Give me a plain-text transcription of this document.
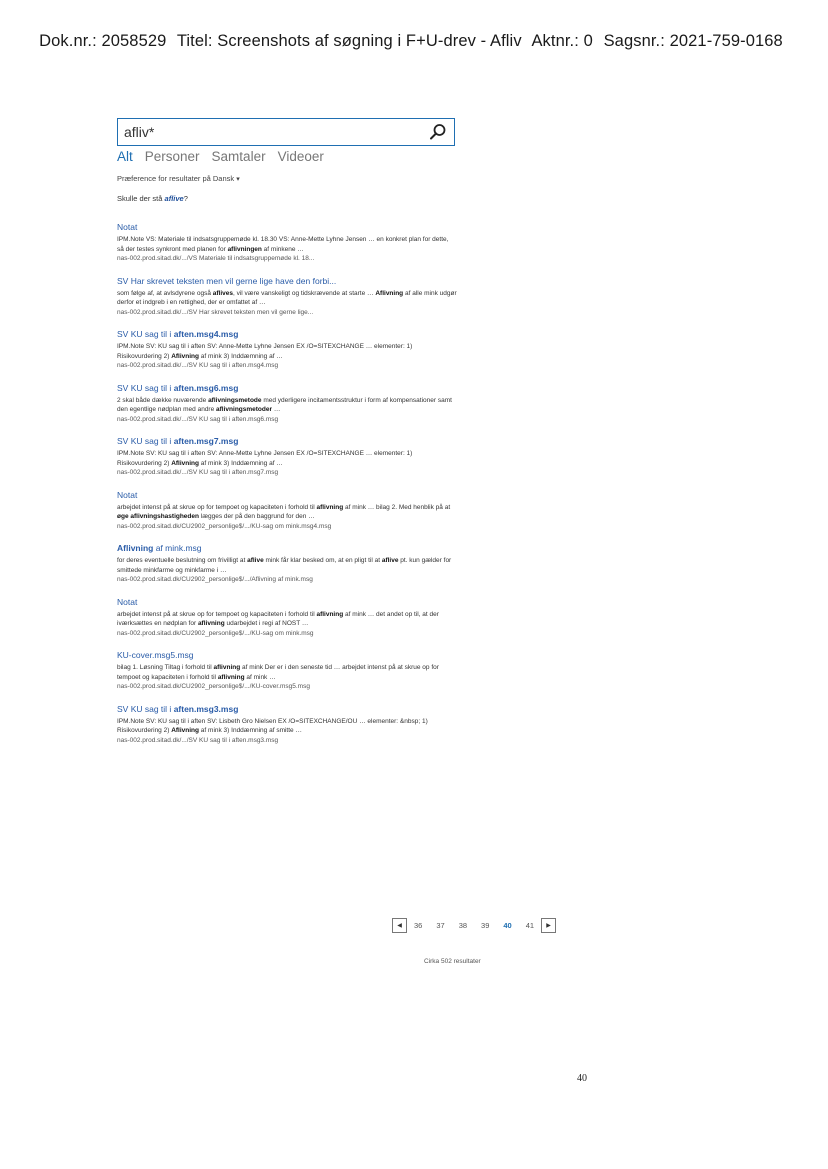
Dok.nr.: 2058529 Titel: Screenshots af søgning i F+U-drev - Afliv Aktnr.: 0 Sagsnr.: 2021-759-0168
afliv*
Alt Personer Samtaler Videoer
Præference for resultater på Dansk ▾
Skulle der stå aflive?
Notat
IPM.Note VS: Materiale til indsatsgruppemøde kl. 18.30 VS: Anne-Mette Lyhne Jensen … en konkret plan for dette, så der testes synkront med planen for aflivningen af minkene …
nas-002.prod.sitad.dk/.../VS Materiale til indsatsgruppemøde kl. 18...
SV Har skrevet teksten men vil gerne lige have den forbi...
som følge af, at avlsdyrene også aflives, vil være vanskeligt og tidskrævende at starte … Aflivning af alle mink udgør derfor et indgreb i en rettighed, der er omfattet af …
nas-002.prod.sitad.dk/.../SV Har skrevet teksten men vil gerne lige...
SV KU sag til i aften.msg4.msg
IPM.Note SV: KU sag til i aften SV: Anne-Mette Lyhne Jensen EX /O=SITEXCHANGE … elementer: 1) Risikovurdering 2) Aflivning af mink 3) Inddæmning af …
nas-002.prod.sitad.dk/.../SV KU sag til i aften.msg4.msg
SV KU sag til i aften.msg6.msg
2 skal både dække nuværende aflivningsmetode med yderligere incitamentsstruktur i form af kompensationer samt den egentlige nødplan med andre aflivningsmetoder …
nas-002.prod.sitad.dk/.../SV KU sag til i aften.msg6.msg
SV KU sag til i aften.msg7.msg
IPM.Note SV: KU sag til i aften SV: Anne-Mette Lyhne Jensen EX /O=SITEXCHANGE … elementer: 1) Risikovurdering 2) Aflivning af mink 3) Inddæmning af …
nas-002.prod.sitad.dk/.../SV KU sag til i aften.msg7.msg
Notat
arbejdet intenst på at skrue op for tempoet og kapaciteten i forhold til aflivning af mink … bilag 2. Med henblik på at øge aflivningshastigheden lægges der på den baggrund for den …
nas-002.prod.sitad.dk/CU2902_personlige$/.../KU-sag om mink.msg4.msg
Aflivning af mink.msg
for deres eventuelle beslutning om frivilligt at aflive mink får klar besked om, at en pligt til at aflive pt. kun gælder for smittede minkfarme og minkfarme i …
nas-002.prod.sitad.dk/CU2902_personlige$/.../Aflivning af mink.msg
Notat
arbejdet intenst på at skrue op for tempoet og kapaciteten i forhold til aflivning af mink … det andet op til, at der iværksættes en nødplan for aflivning udarbejdet i regi af NOST …
nas-002.prod.sitad.dk/CU2902_personlige$/.../KU-sag om mink.msg
KU-cover.msg5.msg
bilag 1. Løsning Tiltag i forhold til aflivning af mink Der er i den seneste tid … arbejdet intenst på at skrue op for tempoet og kapaciteten i forhold til aflivning af mink …
nas-002.prod.sitad.dk/CU2902_personlige$/.../KU-cover.msg5.msg
SV KU sag til i aften.msg3.msg
IPM.Note SV: KU sag til i aften SV: Lisbeth Gro Nielsen EX /O=SITEXCHANGE/OU … elementer: &nbsp; 1) Risikovurdering 2) Aflivning af mink 3) Inddæmning af smitte …
nas-002.prod.sitad.dk/.../SV KU sag til i aften.msg3.msg
◀	36 37 38 39 40 41	▶
Cirka 502 resultater
40
